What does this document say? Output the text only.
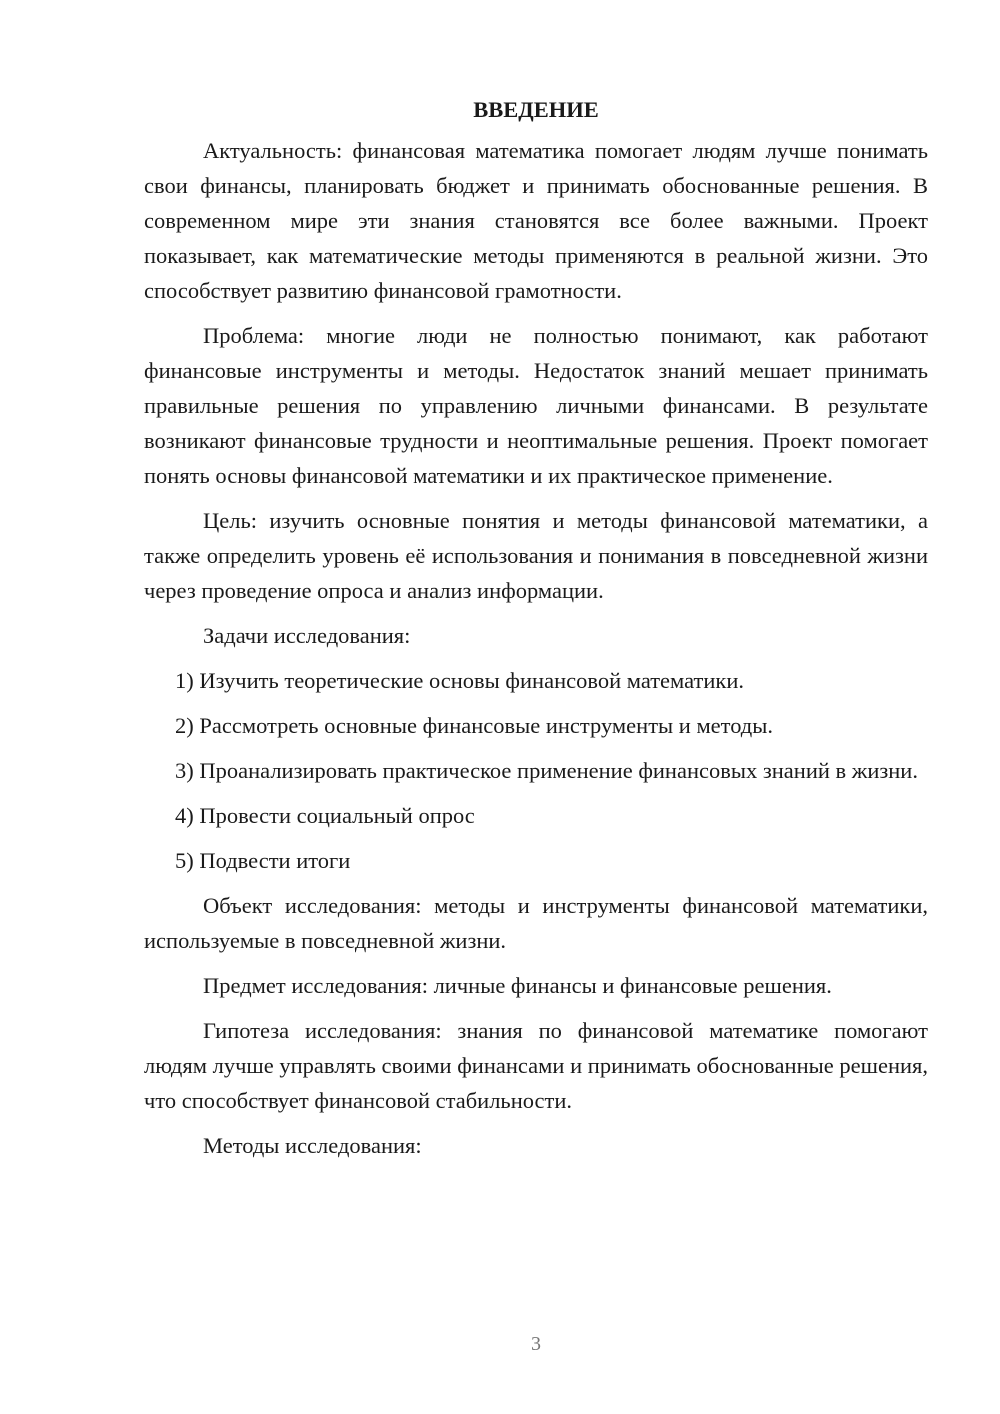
ВВЕДЕНИЕ

Актуальность: финансовая математика помогает людям лучше понимать свои финансы, планировать бюджет и принимать обоснованные решения. В современном мире эти знания становятся все более важными. Проект показывает, как математические методы применяются в реальной жизни. Это способствует развитию финансовой грамотности.

Проблема: многие люди не полностью понимают, как работают финансовые инструменты и методы. Недостаток знаний мешает принимать правильные решения по управлению личными финансами. В результате возникают финансовые трудности и неоптимальные решения. Проект помогает понять основы финансовой математики и их практическое применение.

Цель: изучить основные понятия и методы финансовой математики, а также определить уровень её использования и понимания в повседневной жизни через проведение опроса и анализ информации.

Задачи исследования:

1) Изучить теоретические основы финансовой математики.

2) Рассмотреть основные финансовые инструменты и методы.

3) Проанализировать практическое применение финансовых знаний в жизни.

4) Провести социальный опрос

5) Подвести итоги

Объект исследования: методы и инструменты финансовой математики, используемые в повседневной жизни.

Предмет исследования: личные финансы и финансовые решения.

Гипотеза исследования: знания по финансовой математике помогают людям лучше управлять своими финансами и принимать обоснованные решения, что способствует финансовой стабильности.

Методы исследования:

3
